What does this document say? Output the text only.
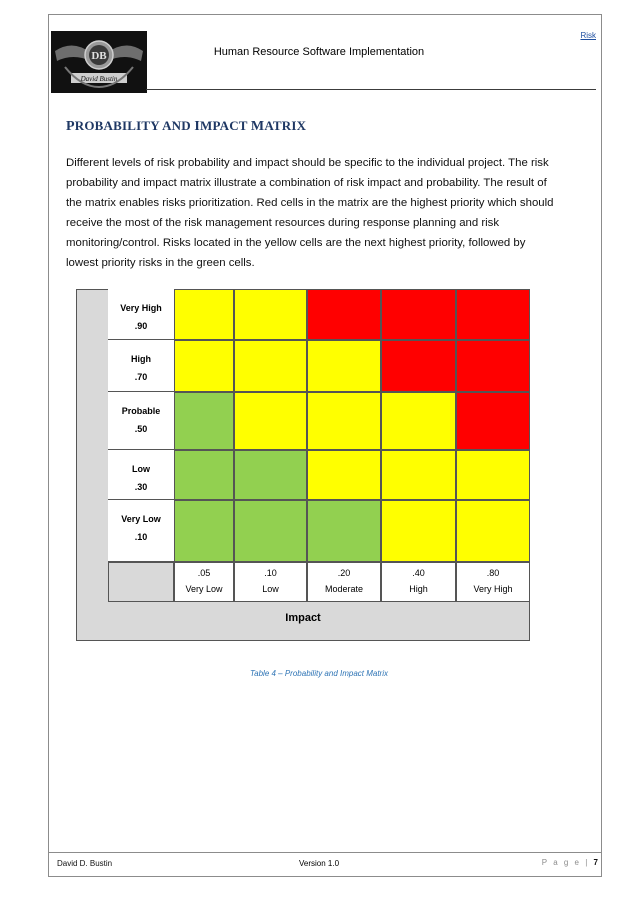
Risk
DB
David Bustin
Human Resource Software Implementation
PROBABILITY AND IMPACT MATRIX
Different levels of risk probability and impact should be specific to the individual project. The risk
probability and impact matrix illustrate a combination of risk impact and probability. The result of
the matrix enables risks prioritization. Red cells in the matrix are the highest priority which should
receive the most of the risk management resources during response planning and risk
monitoring/control. Risks located in the yellow cells are the next highest priority, followed by
lowest priority risks in the green cells.
Impact
Very High
.90
High
.70
Probable
.50
Low
.30
Very Low
.10
.05
Very Low
.10
Low
.20
Moderate
.40
High
.80
Very High
Table 4 – Probability and Impact Matrix
David D. Bustin	Version 1.0	P a g e | 7
